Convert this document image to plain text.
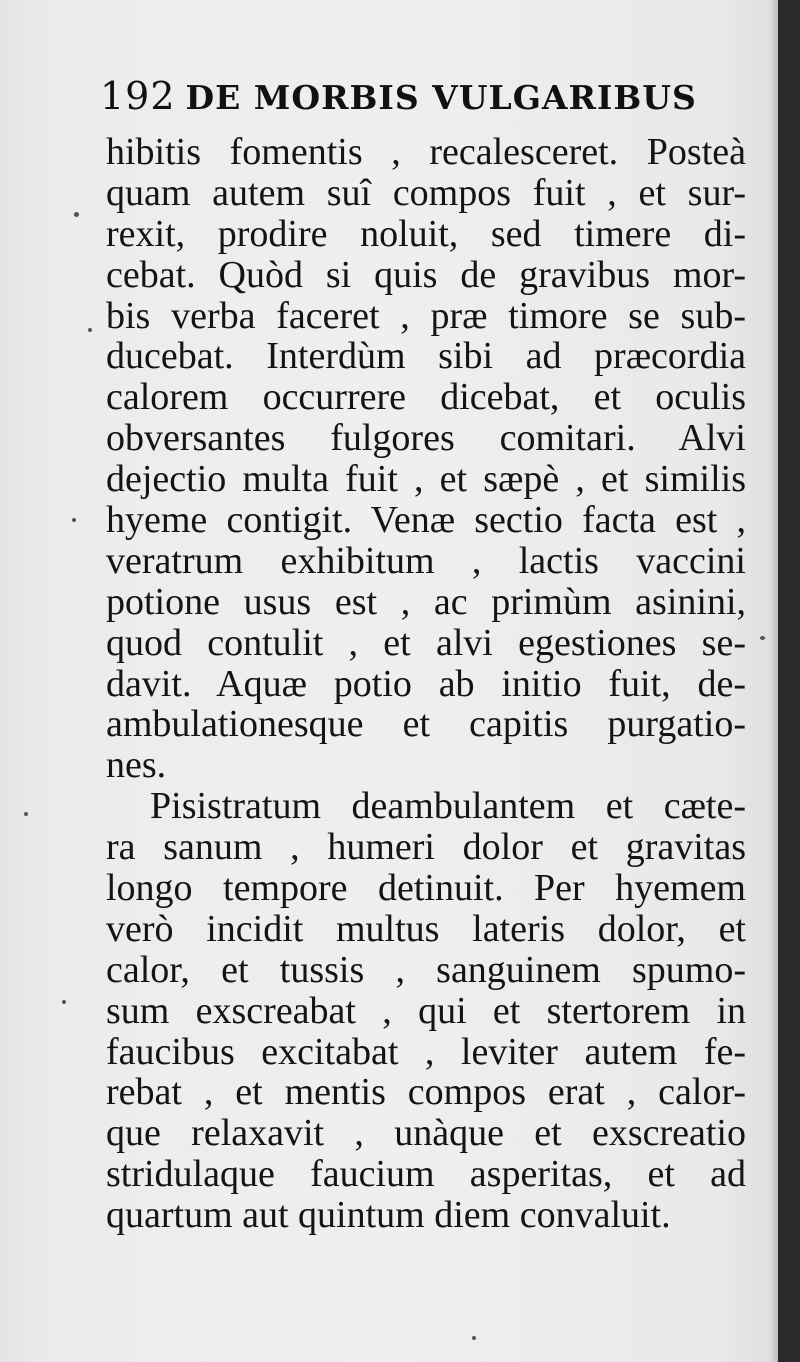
192 DE MORBIS VULGARIBUS
hibitis fomentis , recalesceret. Posteà
quam autem suî compos fuit , et sur-
rexit, prodire noluit, sed timere di-
cebat. Quòd si quis de gravibus mor-
bis verba faceret , præ timore se sub-
ducebat. Interdùm sibi ad præcordia
calorem occurrere dicebat, et oculis
obversantes fulgores comitari. Alvi
dejectio multa fuit , et sæpè , et similis
hyeme contigit. Venæ sectio facta est ,
veratrum exhibitum , lactis vaccini
potione usus est , ac primùm asinini,
quod contulit , et alvi egestiones se-
davit. Aquæ potio ab initio fuit, de-
ambulationesque et capitis purgatio-
nes.
Pisistratum deambulantem et cæte-
ra sanum , humeri dolor et gravitas
longo tempore detinuit. Per hyemem
verò incidit multus lateris dolor, et
calor, et tussis , sanguinem spumo-
sum exscreabat , qui et stertorem in
faucibus excitabat , leviter autem fe-
rebat , et mentis compos erat , calor-
que relaxavit , unàque et exscreatio
stridulaque faucium asperitas, et ad
quartum aut quintum diem convaluit.
